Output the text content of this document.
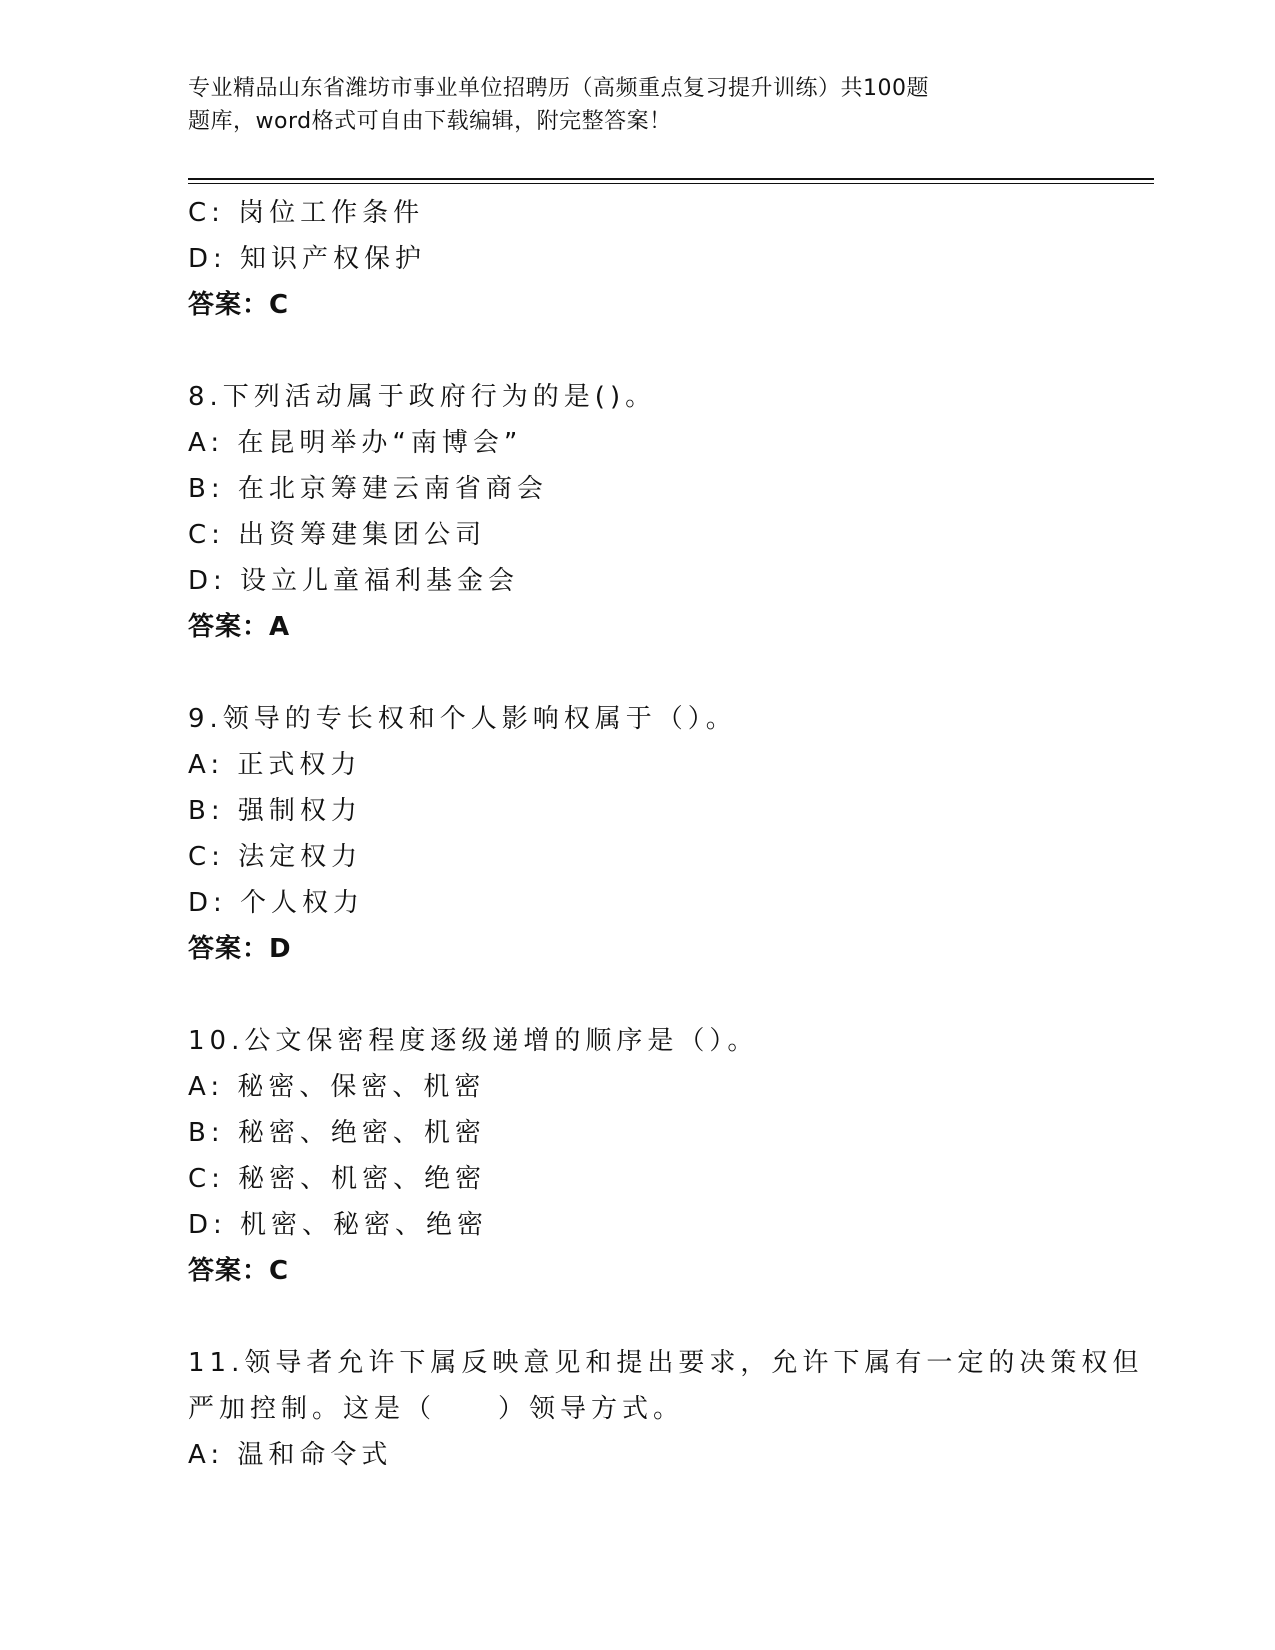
专业精品山东省潍坊市事业单位招聘历（高频重点复习提升训练）共100题
题库，word格式可自由下载编辑，附完整答案！
C: 岗位工作条件
D: 知识产权保护
答案：C
8.下列活动属于政府行为的是()。
A: 在昆明举办“南博会”
B: 在北京筹建云南省商会
C: 出资筹建集团公司
D: 设立儿童福利基金会
答案：A
9.领导的专长权和个人影响权属于（）。
A: 正式权力
B: 强制权力
C: 法定权力
D: 个人权力
答案：D
10.公文保密程度逐级递增的顺序是（）。
A: 秘密、保密、机密
B: 秘密、绝密、机密
C: 秘密、机密、绝密
D: 机密、秘密、绝密
答案：C
11.领导者允许下属反映意见和提出要求，允许下属有一定的决策权但
严加控制。这是（　　）领导方式。
A: 温和命令式
